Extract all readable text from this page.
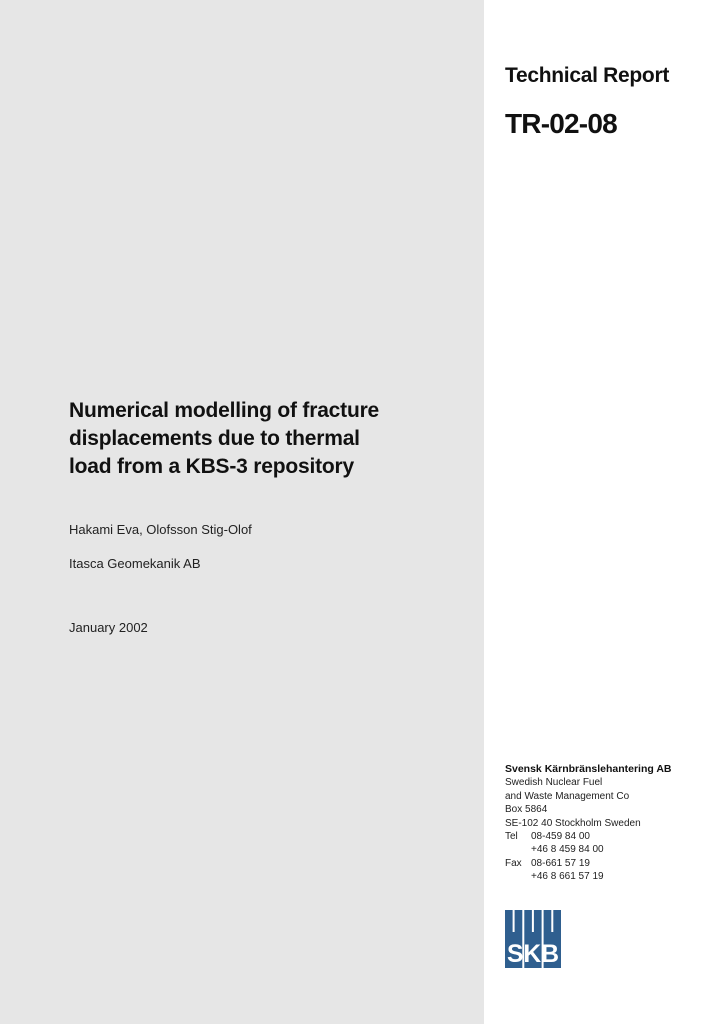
Technical Report
TR-02-08
Numerical modelling of fracture
displacements due to thermal
load from a KBS-3 repository
Hakami Eva, Olofsson Stig-Olof
Itasca Geomekanik AB
January 2002
Svensk Kärnbränslehantering AB
Swedish Nuclear Fuel
and Waste Management Co
Box 5864
SE-102 40 Stockholm Sweden
Tel 08-459 84 00
+46 8 459 84 00
Fax 08-661 57 19
+46 8 661 57 19
SKB
